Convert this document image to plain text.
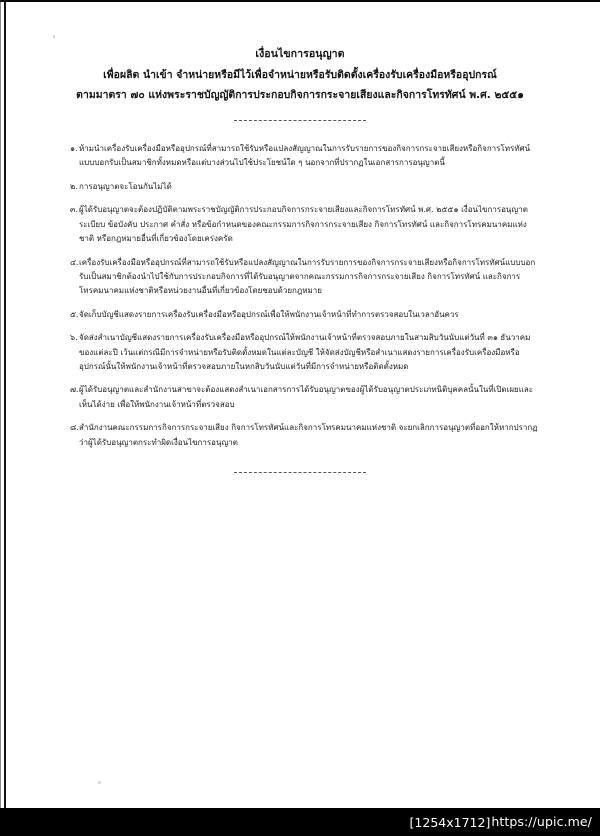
เงื่อนไขการอนุญาต
เพื่อผลิต นำเข้า จำหน่ายหรือมีไว้เพื่อจำหน่ายหรือรับติดตั้งเครื่องรับเครื่องมือหรืออุปกรณ์
ตามมาตรา ๗๐ แห่งพระราชบัญญัติการประกอบกิจการกระจายเสียงและกิจการโทรทัศน์ พ.ศ. ๒๕๕๑
๑. ห้ามนำเครื่องรับเครื่องมือหรืออุปกรณ์ที่สามารถใช้รับหรือแปลงสัญญาณในการรับรายการของกิจการกระจายเสียงหรือกิจการโทรทัศน์แบบบอกรับเป็นสมาชิกทั้งหมดหรือแต่บางส่วนไปใช้ประโยชน์ใด ๆ นอกจากที่ปรากฏในเอกสารการอนุญาตนี้
๒. การอนุญาตจะโอนกันไม่ได้
๓. ผู้ได้รับอนุญาตจะต้องปฏิบัติตามพระราชบัญญัติการประกอบกิจการกระจายเสียงและกิจการโทรทัศน์ พ.ศ. ๒๕๕๑ เงื่อนไขการอนุญาต ระเบียบ ข้อบังคับ ประกาศ คำสั่ง หรือข้อกำหนดของคณะกรรมการกิจการกระจายเสียง กิจการโทรทัศน์ และกิจการโทรคมนาคมแห่งชาติ หรือกฎหมายอื่นที่เกี่ยวข้องโดยเคร่งครัด
๔. เครื่องรับเครื่องมือหรืออุปกรณ์ที่สามารถใช้รับหรือแปลงสัญญาณในการรับรายการของกิจการกระจายเสียงหรือกิจการโทรทัศน์แบบบอกรับเป็นสมาชิกต้องนำไปใช้กับการประกอบกิจการที่ได้รับอนุญาตจากคณะกรรมการกิจการกระจายเสียง กิจการโทรทัศน์ และกิจการโทรคมนาคมแห่งชาติหรือหน่วยงานอื่นที่เกี่ยวข้องโดยชอบด้วยกฎหมาย
๕. จัดเก็บบัญชีแสดงรายการเครื่องรับเครื่องมือหรืออุปกรณ์เพื่อให้พนักงานเจ้าหน้าที่ทำการตรวจสอบในเวลาอันควร
๖. จัดส่งสำเนาบัญชีแสดงรายการเครื่องรับเครื่องมือหรืออุปกรณ์ให้พนักงานเจ้าหน้าที่ตรวจสอบภายในสามสิบวันนับแต่วันที่ ๓๑ ธันวาคมของแต่ละปี เว้นแต่กรณีมีการจำหน่ายหรือรับติดตั้งหมดในแต่ละบัญชี ให้จัดส่งบัญชีหรือสำเนาแสดงรายการเครื่องรับเครื่องมือหรืออุปกรณ์นั้นให้พนักงานเจ้าหน้าที่ตรวจสอบภายในหกสิบวันนับแต่วันที่มีการจำหน่ายหรือติดตั้งหมด
๗. ผู้ได้รับอนุญาตและสำนักงานสาขาจะต้องแสดงสำเนาเอกสารการได้รับอนุญาตของผู้ได้รับอนุญาตประเภทนิติบุคคลนั้นในที่เปิดเผยและเห็นได้ง่าย เพื่อให้พนักงานเจ้าหน้าที่ตรวจสอบ
๘. สำนักงานคณะกรรมการกิจการกระจายเสียง กิจการโทรทัศน์และกิจการโทรคมนาคมแห่งชาติ จะยกเลิกการอนุญาตที่ออกให้หากปรากฏว่าผู้ได้รับอนุญาตกระทำผิดเงื่อนไขการอนุญาต
[1254x1712] https://upic.me/
